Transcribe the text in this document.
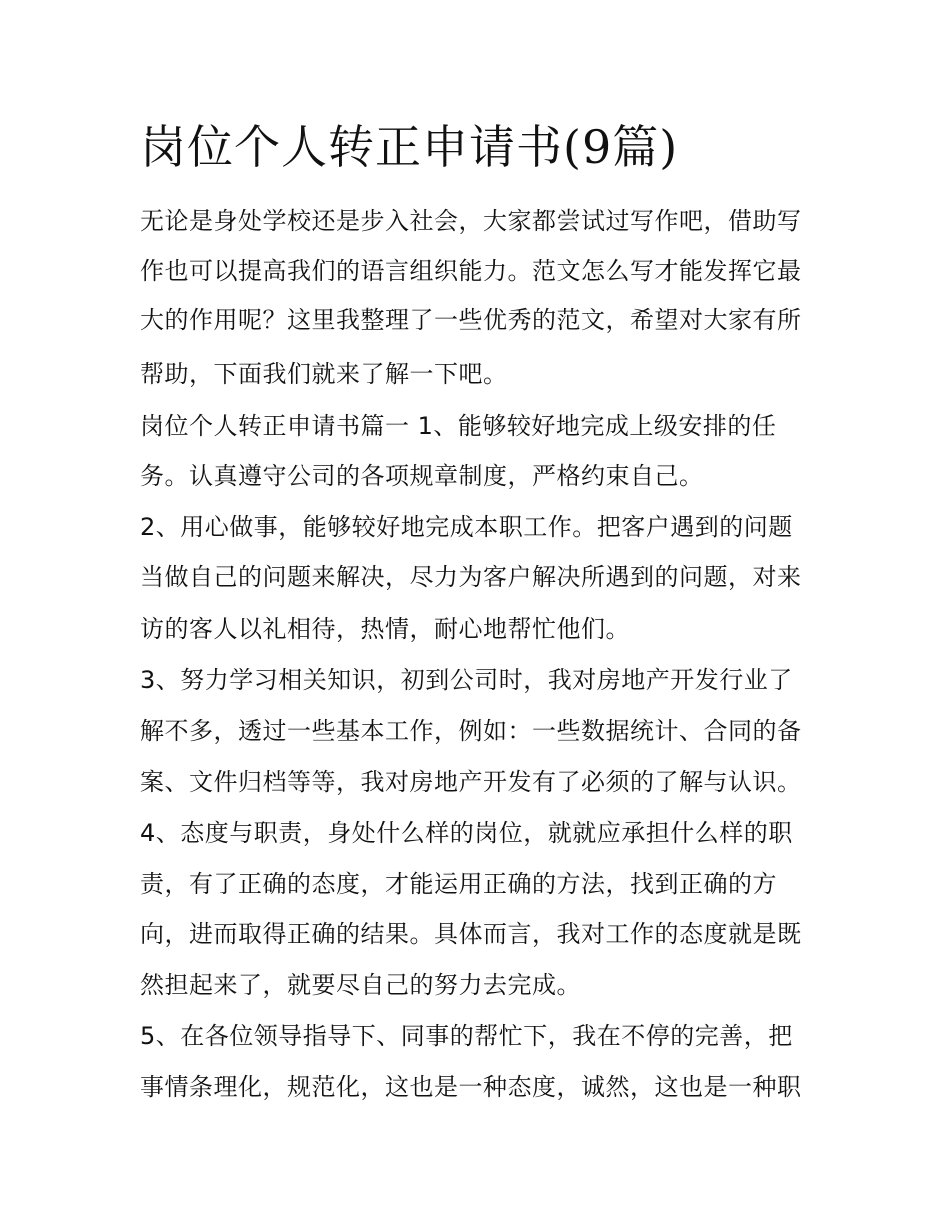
岗位个人转正申请书(9篇)
无论是身处学校还是步入社会，大家都尝试过写作吧，借助写
作也可以提高我们的语言组织能力。范文怎么写才能发挥它最
大的作用呢？这里我整理了一些优秀的范文，希望对大家有所
帮助，下面我们就来了解一下吧。
岗位个人转正申请书篇一 1、能够较好地完成上级安排的任
务。认真遵守公司的各项规章制度，严格约束自己。
2、用心做事，能够较好地完成本职工作。把客户遇到的问题
当做自己的问题来解决，尽力为客户解决所遇到的问题，对来
访的客人以礼相待，热情，耐心地帮忙他们。
3、努力学习相关知识，初到公司时，我对房地产开发行业了
解不多，透过一些基本工作，例如：一些数据统计、合同的备
案、文件归档等等，我对房地产开发有了必须的了解与认识。
4、态度与职责，身处什么样的岗位，就就应承担什么样的职
责，有了正确的态度，才能运用正确的方法，找到正确的方
向，进而取得正确的结果。具体而言，我对工作的态度就是既
然担起来了，就要尽自己的努力去完成。
5、在各位领导指导下、同事的帮忙下，我在不停的完善，把
事情条理化，规范化，这也是一种态度，诚然，这也是一种职
